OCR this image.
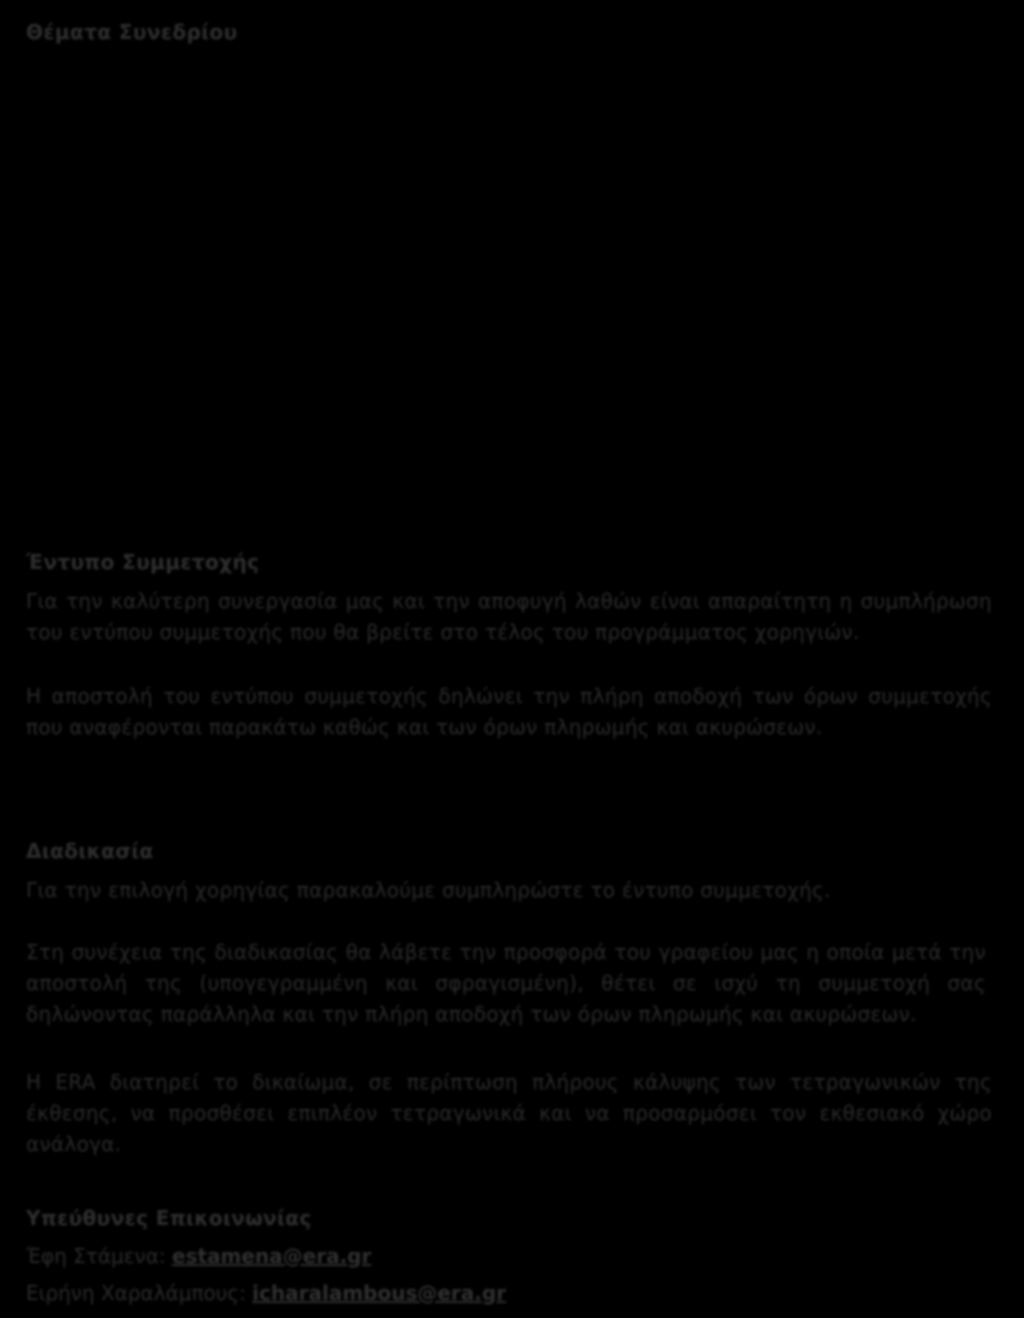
Θέματα Συνεδρίου
Έντυπο Συμμετοχής

Για την καλύτερη συνεργασία μας και την αποφυγή λαθών είναι απαραίτητη η συμπλήρωση του εντύπου συμμετοχής που θα βρείτε στο τέλος του προγράμματος χορηγιών.

Η αποστολή του εντύπου συμμετοχής δηλώνει την πλήρη αποδοχή των όρων συμμετοχής που αναφέρονται παρακάτω καθώς και των όρων πληρωμής και ακυρώσεων.

Διαδικασία

Για την επιλογή χορηγίας παρακαλούμε συμπληρώστε το έντυπο συμμετοχής.

Στη συνέχεια της διαδικασίας θα λάβετε την προσφορά του γραφείου μας η οποία μετά την αποστολή της (υπογεγραμμένη και σφραγισμένη), θέτει σε ισχύ τη συμμετοχή σας δηλώνοντας παράλληλα και την πλήρη αποδοχή των όρων πληρωμής και ακυρώσεων.

Η ERA διατηρεί το δικαίωμα, σε περίπτωση πλήρους κάλυψης των τετραγωνικών της έκθεσης, να προσθέσει επιπλέον τετραγωνικά και να προσαρμόσει τον εκθεσιακό χώρο ανάλογα.

Υπεύθυνες Επικοινωνίας

Έφη Στάμενα: estamena@era.gr

Ειρήνη Χαραλάμπους: icharalambous@era.gr
